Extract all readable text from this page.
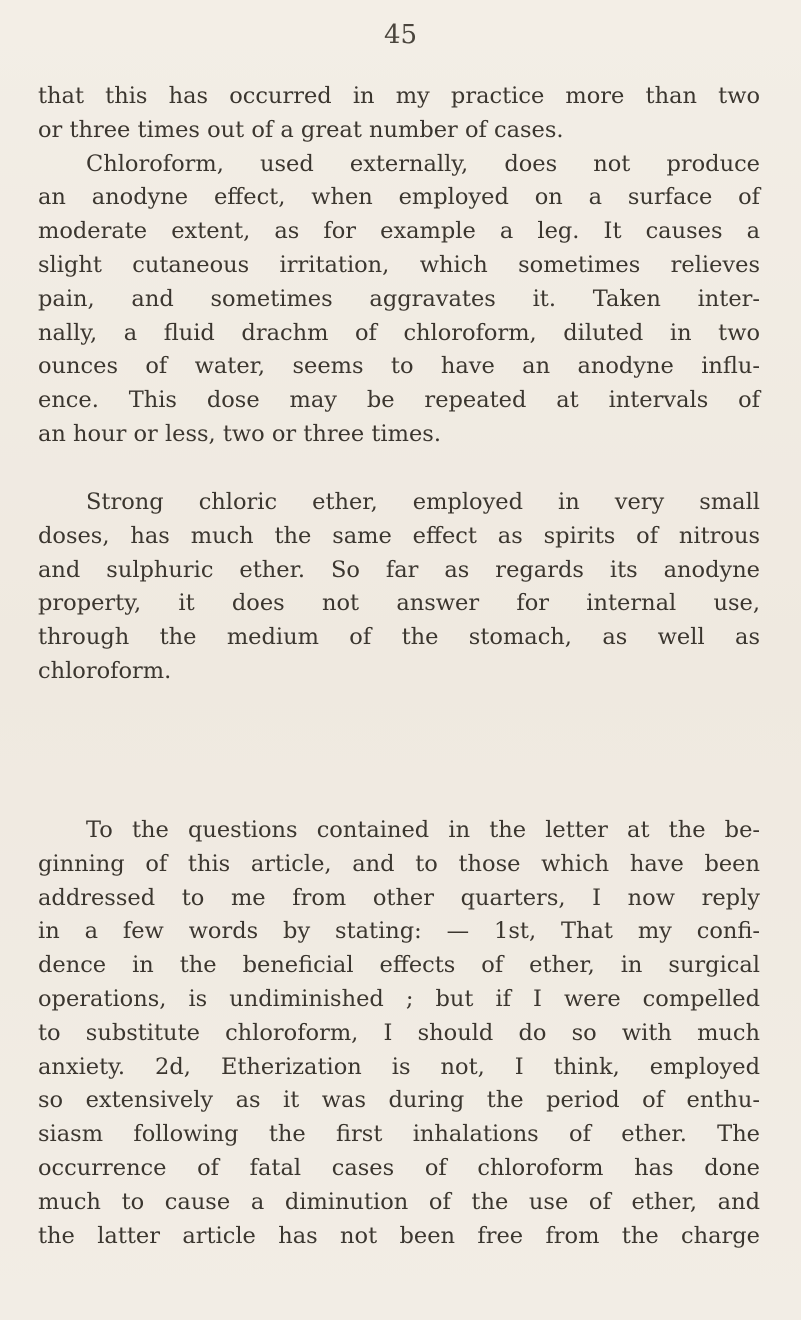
45
that this has occurred in my practice more than two
or three times out of a great number of cases.
Chloroform, used externally, does not produce
an anodyne effect, when employed on a surface of
moderate extent, as for example a leg. It causes a
slight cutaneous irritation, which sometimes relieves
pain, and sometimes aggravates it. Taken inter-
nally, a fluid drachm of chloroform, diluted in two
ounces of water, seems to have an anodyne influ-
ence. This dose may be repeated at intervals of
an hour or less, two or three times.
Strong chloric ether, employed in very small
doses, has much the same effect as spirits of nitrous
and sulphuric ether. So far as regards its anodyne
property, it does not answer for internal use,
through the medium of the stomach, as well as
chloroform.
To the questions contained in the letter at the be-
ginning of this article, and to those which have been
addressed to me from other quarters, I now reply
in a few words by stating: — 1st, That my confi-
dence in the beneficial effects of ether, in surgical
operations, is undiminished ; but if I were compelled
to substitute chloroform, I should do so with much
anxiety. 2d, Etherization is not, I think, employed
so extensively as it was during the period of enthu-
siasm following the first inhalations of ether. The
occurrence of fatal cases of chloroform has done
much to cause a diminution of the use of ether, and
the latter article has not been free from the charge
